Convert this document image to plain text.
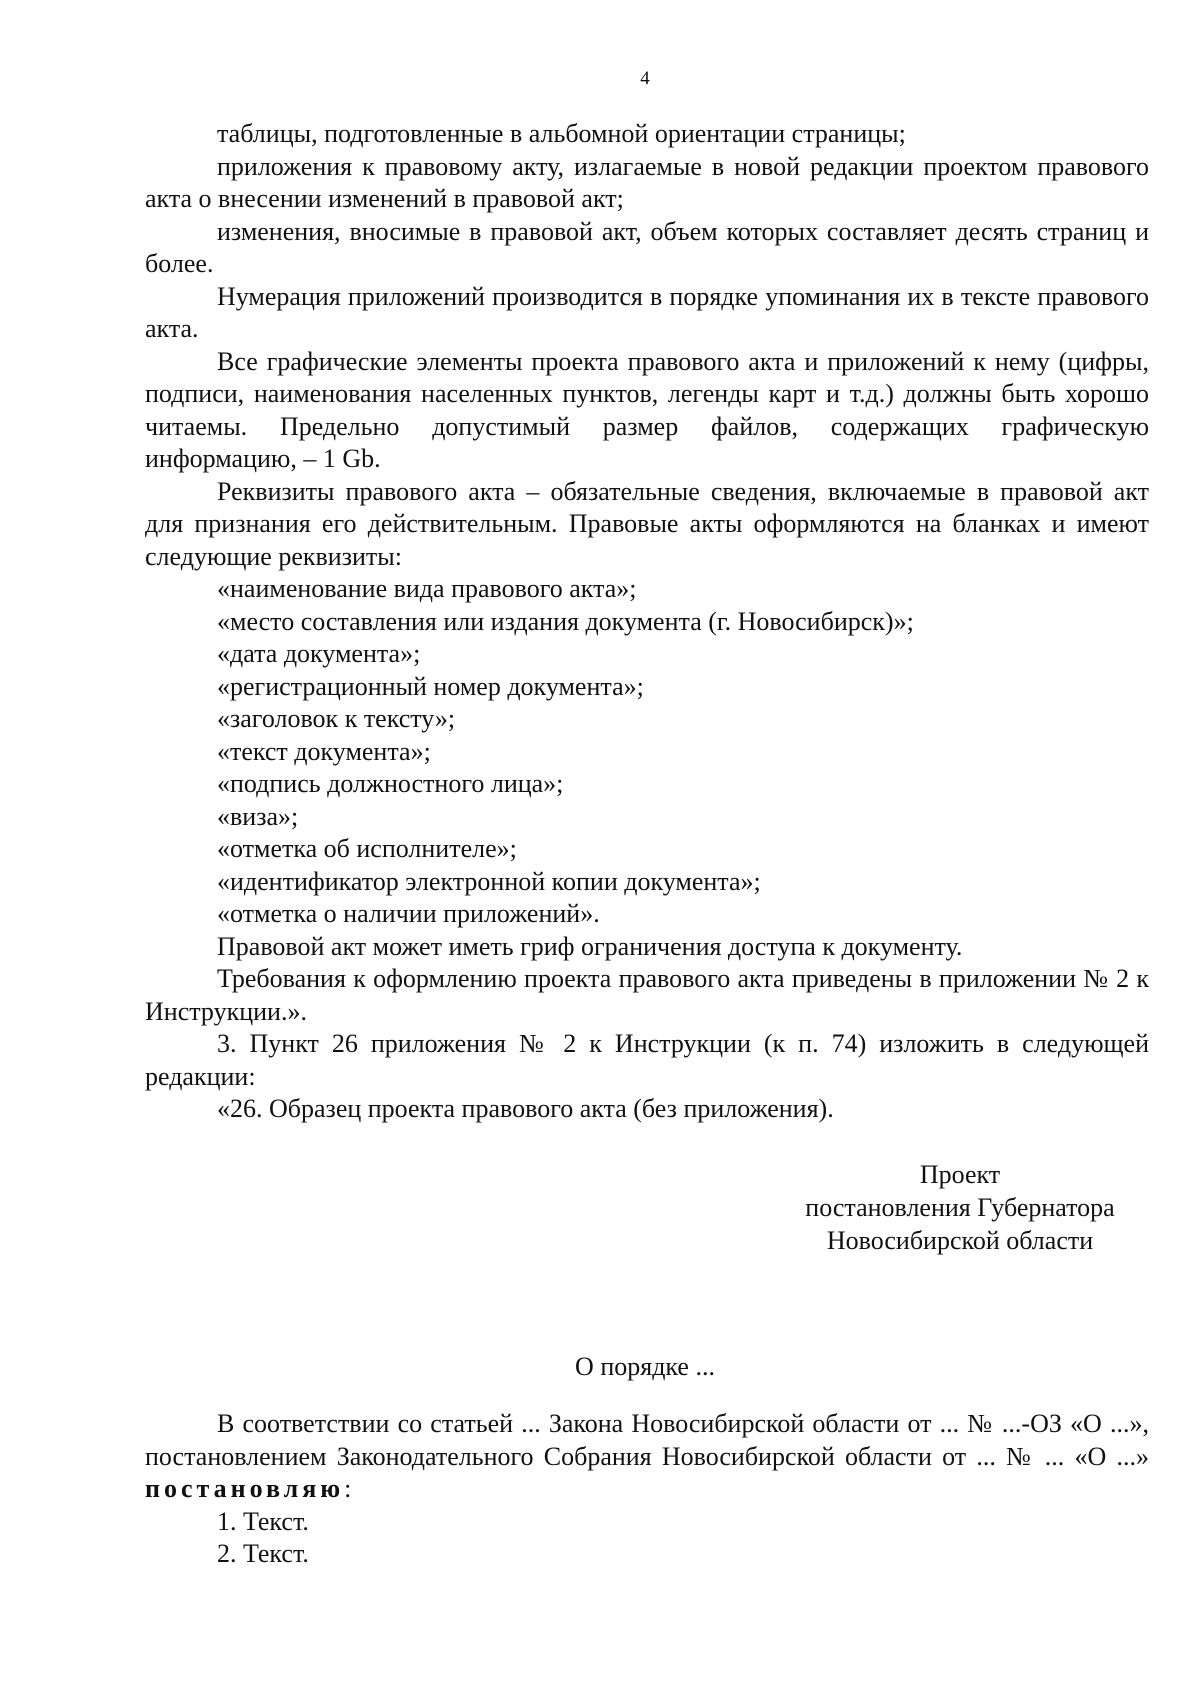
4

таблицы, подготовленные в альбомной ориентации страницы;

приложения к правовому акту, излагаемые в новой редакции проектом правового акта о внесении изменений в правовой акт;

изменения, вносимые в правовой акт, объем которых составляет десять страниц и более.

Нумерация приложений производится в порядке упоминания их в тексте правового акта.

Все графические элементы проекта правового акта и приложений к нему (цифры, подписи, наименования населенных пунктов, легенды карт и т.д.) должны быть хорошо читаемы. Предельно допустимый размер файлов, содержащих графическую информацию, – 1 Gb.

Реквизиты правового акта – обязательные сведения, включаемые в правовой акт для признания его действительным. Правовые акты оформляются на бланках и имеют следующие реквизиты:

«наименование вида правового акта»;

«место составления или издания документа (г. Новосибирск)»;

«дата документа»;

«регистрационный номер документа»;

«заголовок к тексту»;

«текст документа»;

«подпись должностного лица»;

«виза»;

«отметка об исполнителе»;

«идентификатор электронной копии документа»;

«отметка о наличии приложений».

Правовой акт может иметь гриф ограничения доступа к документу.

Требования к оформлению проекта правового акта приведены в приложении № 2 к Инструкции.».

3. Пункт 26 приложения № 2 к Инструкции (к п. 74) изложить в следующей редакции:

«26. Образец проекта правового акта (без приложения).

Проект
постановления Губернатора
Новосибирской области
О порядке ...

В соответствии со статьей ... Закона Новосибирской области от ... № ...-ОЗ «О ...», постановлением Законодательного Собрания Новосибирской области от ... № ... «О ...» постановляю:

1. Текст.

2. Текст.
